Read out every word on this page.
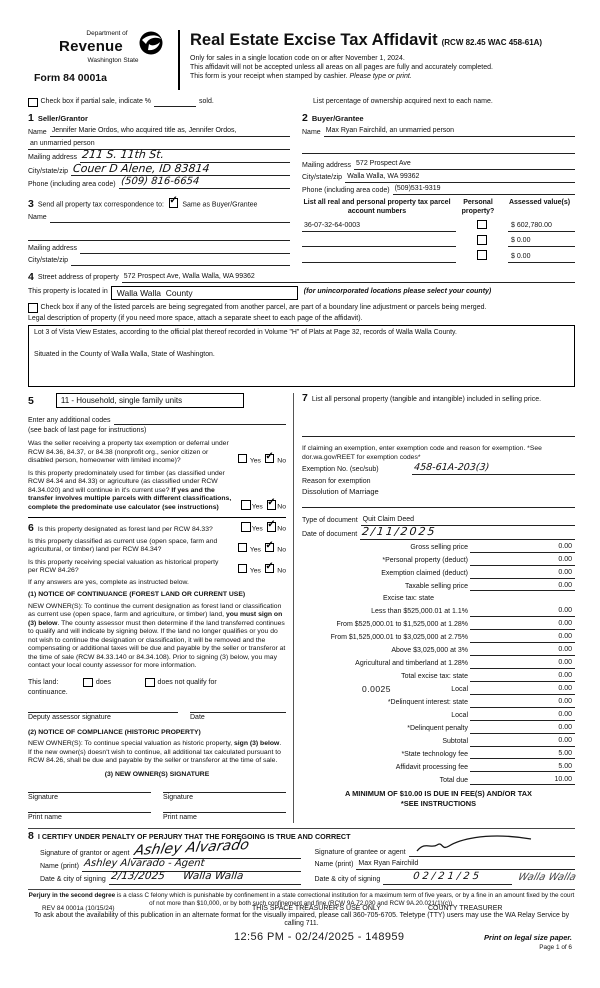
Department of
Revenue
Washington State
Form 84 0001a
Real Estate Excise Tax Affidavit (RCW 82.45 WAC 458-61A)
Only for sales in a single location code on or after November 1, 2024.
This affidavit will not be accepted unless all areas on all pages are fully and accurately completed.
This form is your receipt when stamped by cashier. Please type or print.
Check box if partial sale, indicate %	sold.	List percentage of ownership acquired next to each name.
1 Seller/Grantor
Name Jennifer Marie Ordos, who acquired title as, Jennifer Ordos,
an unmarried person
Mailing address 211 S. 11th St.
City/state/zip Couer D Alene, ID 83814
Phone (including area code) (509) 816-6654
3 Send all property tax correspondence to: ✓	Same as Buyer/Grantee
Name
Mailing address
City/state/zip
2 Buyer/Grantee
Name Max Ryan Fairchild, an unmarried person
Mailing address 572 Prospect Ave
City/state/zip Walla Walla, WA 99362
Phone (including area code) (509)531-9319
List all real and personal property tax parcel account numbers
Personal property?
Assessed value(s)
36-07-32-64-0003	$ 602,780.00
$ 0.00
$ 0.00
4 Street address of property 572 Prospect Ave, Walla Walla, WA 99362
This property is located in	Walla Walla  County	(for unincorporated locations please select your county)
Check box if any of the listed parcels are being segregated from another parcel, are part of a boundary line adjustment or parcels being merged.
Legal description of property (if you need more space, attach a separate sheet to each page of the affidavit).

Lot 3 of Vista View Estates, according to the official plat thereof recorded in Volume "H" of Plats at Page 32, records of Walla Walla County.

Situated in the County of Walla Walla, State of Washington.

5	11 - Household, single family units
Enter any additional codes
(see back of last page for instructions)
Was the seller receiving a property tax exemption or deferral under RCW 84.36, 84.37, or 84.38 (nonprofit org., senior citizen or disabled person, homeowner with limited income)?	Yes ✓ No
Is this property predominately used for timber (as classified under RCW 84.34 and 84.33) or agriculture (as classified under RCW 84.34.020) and will continue in it's current use? If yes and the transfer involves multiple parcels with different classifications, complete the predominate use calculator (see instructions)	Yes ✓ No
6 Is this property designated as forest land per RCW 84.33?	Yes ✓ No
Is this property classified as current use (open space, farm and agricultural, or timber) land per RCW 84.34?	Yes ✓ No
Is this property receiving special valuation as historical property per RCW 84.26?	Yes ✓ No
If any answers are yes, complete as instructed below.
(1) NOTICE OF CONTINUANCE (FOREST LAND OR CURRENT USE)
NEW OWNER(S): To continue the current designation as forest land or classification as current use (open space, farm and agriculture, or timber) land, you must sign on (3) below. The county assessor must then determine if the land transferred continues to qualify and will indicate by signing below. If the land no longer qualifies or you do not wish to continue the designation or classification, it will be removed and the compensating or additional taxes will be due and payable by the seller or transferor at the time of sale (RCW 84.33.140 or 84.34.108). Prior to signing (3) below, you may contact your local county assessor for more information.
This land:	does	does not qualify for
continuance.
Deputy assessor signature	Date
(2) NOTICE OF COMPLIANCE (HISTORIC PROPERTY)
NEW OWNER(S): To continue special valuation as historic property, sign (3) below. If the new owner(s) doesn't wish to continue, all additional tax calculated pursuant to RCW 84.26, shall be due and payable by the seller or transferor at the time of sale.
(3) NEW OWNER(S) SIGNATURE
Signature	Signature
Print name	Print name
7 List all personal property (tangible and intangible) included in selling price.
If claiming an exemption, enter exemption code and reason for exemption. *See dor.wa.gov/REET for exemption codes*
Exemption No. (sec/sub)	458-61A-203(3)
Reason for exemption
Dissolution of Marriage
Type of document Quit Claim Deed
Date of document 2/11/2025
Gross selling price	0.00
*Personal property (deduct)	0.00
Exemption claimed (deduct)	0.00
Taxable selling price	0.00
Excise tax: state
Less than $525,000.01 at 1.1%	0.00
From $525,000.01 to $1,525,000 at 1.28%	0.00
From $1,525,000.01 to $3,025,000 at 2.75%	0.00
Above $3,025,000 at 3%	0.00
Agricultural and timberland at 1.28%	0.00
Total excise tax: state	0.00
0.0025	Local	0.00
*Delinquent interest: state	0.00
Local	0.00
*Delinquent penalty	0.00
Subtotal	0.00
*State technology fee	5.00
Affidavit processing fee	5.00
Total due	10.00
A MINIMUM OF $10.00 IS DUE IN FEE(S) AND/OR TAX
*SEE INSTRUCTIONS
8 I CERTIFY UNDER PENALTY OF PERJURY THAT THE FOREGOING IS TRUE AND CORRECT
Signature of grantor or agent Ashley Alvarado
Name (print) Ashley Alvarado - Agent
Date & city of signing 2/13/2025 Walla Walla
Signature of grantee or agent
Name (print) Max Ryan Fairchild
Date & city of signing	02/21/25	Walla Walla
Perjury in the second degree is a class C felony which is punishable by confinement in a state correctional institution for a maximum term of five years, or by a fine in an amount fixed by the court of not more than $10,000, or by both such confinement and fine (RCW 9A.72.030 and RCW 9A.20.021(1)(c)).
To ask about the availability of this publication in an alternate format for the visually impaired, please call 360-705-6705. Teletype (TTY) users may use the WA Relay Service by calling 711.
REV 84 0001a (10/15/24)	THIS SPACE TREASURER'S USE ONLY	COUNTY TREASURER
12:56 PM - 02/24/2025 - 148959	Print on legal size paper.
Page 1 of 6
